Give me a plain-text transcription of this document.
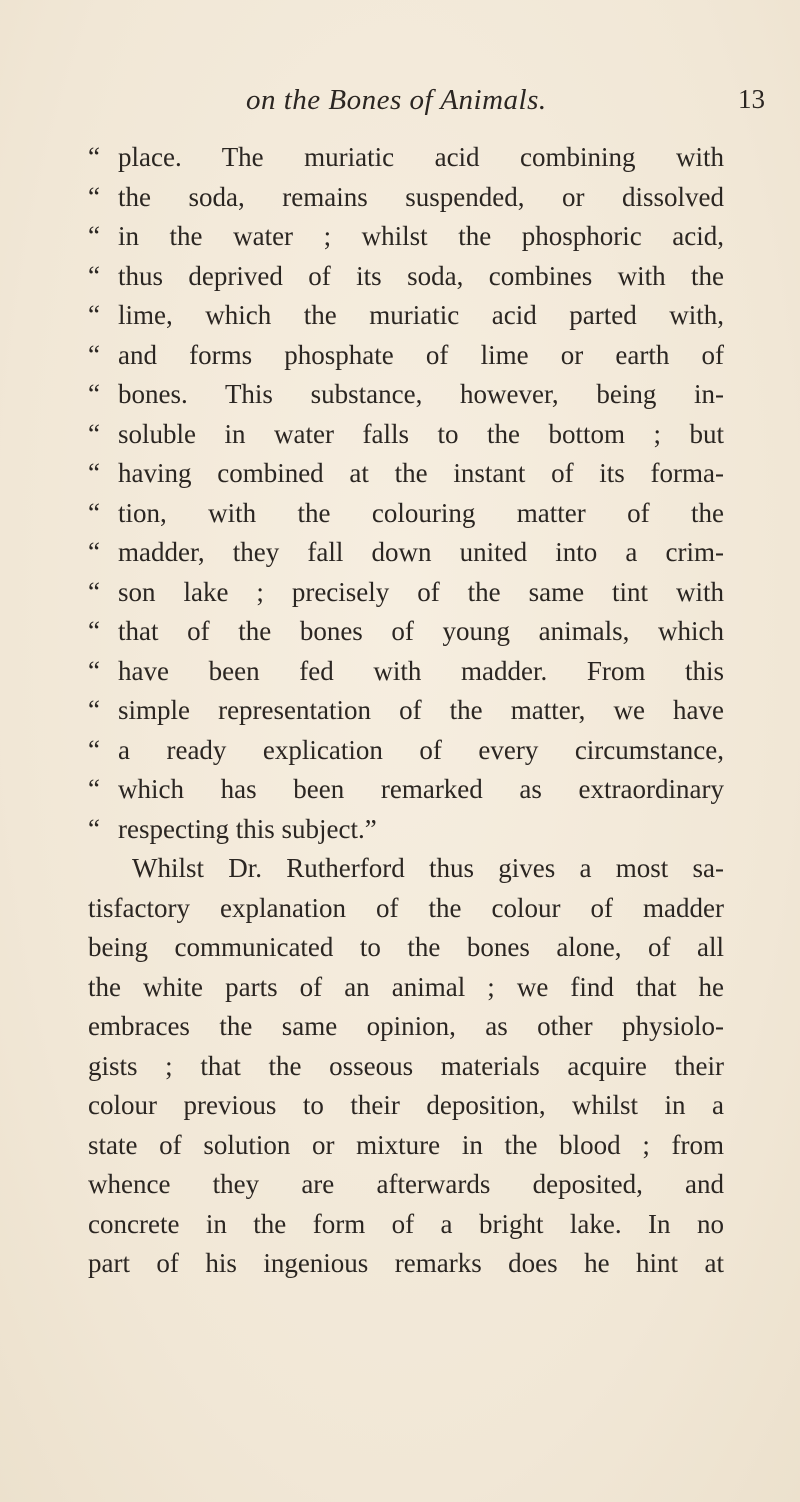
on the Bones of Animals.	13
“ place. The muriatic acid combining with
“ the soda, remains suspended, or dissolved
“ in the water ; whilst the phosphoric acid,
“ thus deprived of its soda, combines with the
“ lime, which the muriatic acid parted with,
“ and forms phosphate of lime or earth of
“ bones. This substance, however, being in-
“ soluble in water falls to the bottom ; but
“ having combined at the instant of its forma-
“ tion, with the colouring matter of the
“ madder, they fall down united into a crim-
“ son lake ; precisely of the same tint with
“ that of the bones of young animals, which
“ have been fed with madder. From this
“ simple representation of the matter, we have
“ a ready explication of every circumstance,
“ which has been remarked as extraordinary
“ respecting this subject.”
Whilst Dr. Rutherford thus gives a most sa-
tisfactory explanation of the colour of madder
being communicated to the bones alone, of all
the white parts of an animal ; we find that he
embraces the same opinion, as other physiolo-
gists ; that the osseous materials acquire their
colour previous to their deposition, whilst in a
state of solution or mixture in the blood ; from
whence they are afterwards deposited, and
concrete in the form of a bright lake. In no
part of his ingenious remarks does he hint at
